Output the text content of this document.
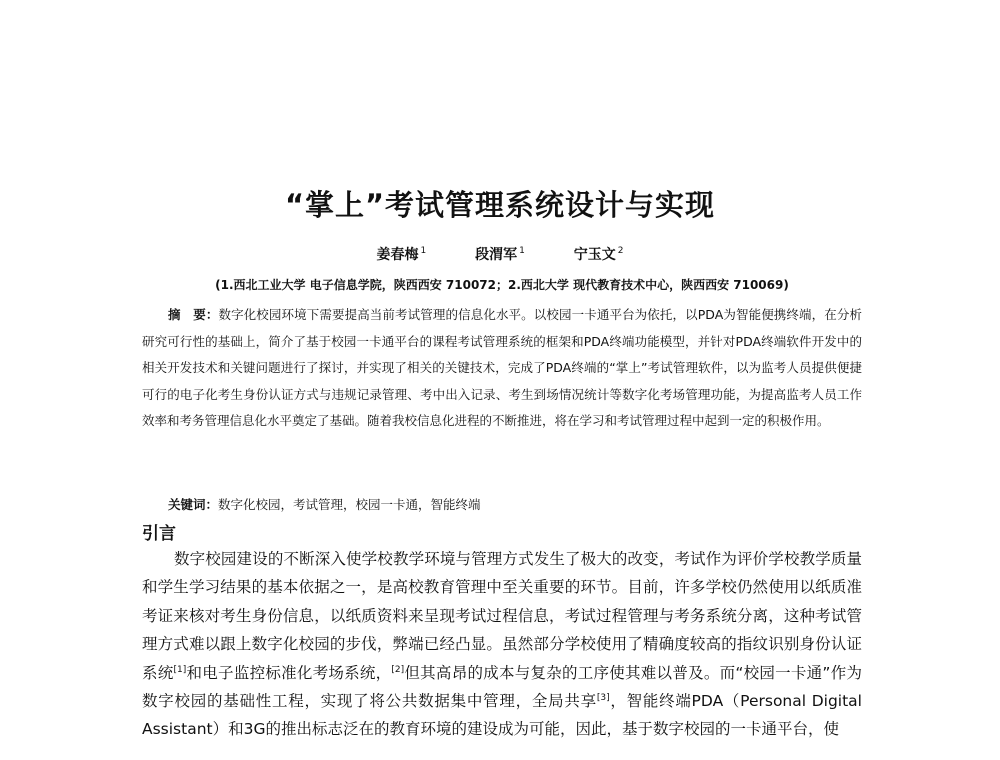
“掌上”考试管理系统设计与实现
姜春梅 $^1$	段渭军 $^1$	宁玉文 $^2$
(1.西北工业大学 电子信息学院，陕西西安 710072；2.西北大学 现代教育技术中心，陕西西安 710069)

摘　要：数字化校园环境下需要提高当前考试管理的信息化水平。以校园一卡通平台为依托，以PDA为智能便携终端，在分析研究可行性的基础上，简介了基于校园一卡通平台的课程考试管理系统的框架和PDA终端功能模型，并针对PDA终端软件开发中的相关开发技术和关键问题进行了探讨，并实现了相关的关键技术，完成了PDA终端的“掌上”考试管理软件，以为监考人员提供便捷可行的电子化考生身份认证方式与违规记录管理、考中出入记录、考生到场情况统计等数字化考场管理功能，为提高监考人员工作效率和考务管理信息化水平奠定了基础。随着我校信息化进程的不断推进，将在学习和考试管理过程中起到一定的积极作用。

关键词：数字化校园，考试管理，校园一卡通，智能终端

引言

数字校园建设的不断深入使学校教学环境与管理方式发生了极大的改变，考试作为评价学校教学质量和学生学习结果的基本依据之一，是高校教育管理中至关重要的环节。目前，许多学校仍然使用以纸质准考证来核对考生身份信息，以纸质资料来呈现考试过程信息，考试过程管理与考务系统分离，这种考试管理方式难以跟上数字化校园的步伐，弊端已经凸显。虽然部分学校使用了精确度较高的指纹识别身份认证系统[1]和电子监控标准化考场系统，[2]但其高昂的成本与复杂的工序使其难以普及。而“校园一卡通”作为数字校园的基础性工程，实现了将公共数据集中管理，全局共享[3]，智能终端PDA（Personal Digital Assistant）和3G的推出标志泛在的教育环境的建设成为可能，因此，基于数字校园的一卡通平台，使
